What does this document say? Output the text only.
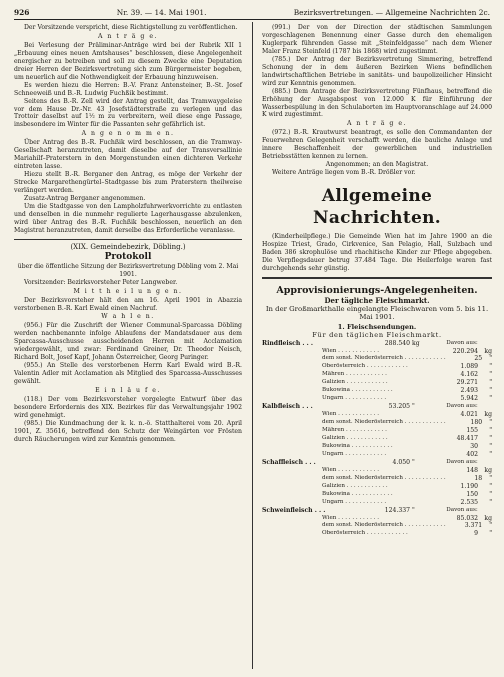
926	Nr. 39. — 14. Mai 1901.	Bezirksvertretungen. — Allgemeine Nachrichten 2c.

Der Vorsitzende verspricht, diese Richtigstellung zu veröffentlichen.

A n t r ä g e.

Bei Verlesung der Präliminar-Anträge wird bei der Rubrik XII 1 „Erbauung eines neuen Amtshauses“ beschlossen, diese Angelegenheit energischer zu betreiben und soll zu diesem Zwecke eine Deputation dreier Herren der Bezirksvertretung sich zum Bürgermeister begeben, um neuerlich auf die Nothwendigkeit der Erbauung hinzuweisen.

Es werden hiezu die Herren: B.-V. Franz Antensteiner, B.-St. Josef Schneeweiß und B.-R. Ludwig Fuchßik bestimmt.

Seitens des B.-R. Zell wird der Antrag gestellt, das Tramwaygeleise vor dem Hause Dr.-Nr. 43 Josefstädterstraße zu verlegen und das Trottoir daselbst auf 1½ m zu verbreitern, weil diese enge Passage, insbesondere im Winter für die Passanten sehr gefährlich ist.

A n g e n o m m e n.

Über Antrag des B.-R. Fuchßik wird beschlossen, an die Tramway-Gesellschaft heranzutreten, damit dieselbe auf der Transversallinie Mariahilf–Praterstern in den Morgenstunden einen dichteren Verkehr eintreten lasse.

Hiezu stellt B.-R. Berganer den Antrag, es möge der Verkehr der Strecke Margarethengürtel–Stadtgasse bis zum Praterstern theilweise verlängert werden.

Zusatz-Antrag Berganer angenommen.

Um die Stadtgasse von den Lampholzfuhrwerkvorrichte zu entlasten und denselben in die nunmehr regulierte Lagerhausgasse abzulenken, wird über Antrag des B.-R. Fuchßik beschlossen, neuerlich an den Magistrat heranzutreten, damit derselbe das Erforderliche veranlasse.

(XIX. Gemeindebezirk, Döbling.)
Protokoll

über die öffentliche Sitzung der Bezirksvertretung Döbling vom 2. Mai 1901.

Vorsitzender: Bezirksvorsteher Peter Langweber.

M i t t h e i l u n g e n.

Der Bezirksvorsteher hält den am 16. April 1901 in Abazzia verstorbenen B.-R. Karl Ewald einen Nachruf.

W a h l e n.

(956.) Für die Zuschrift der Wiener Communal-Sparcassa Döbling werden nachbenannte infolge Ablaufens der Mandatsdauer aus dem Sparcassa-Ausschusse ausscheidenden Herren mit Acclamation wiedergewählt, und zwar: Ferdinand Greiner, Dr. Theodor Neisch, Richard Bolt, Josef Kapf, Johann Österreicher, Georg Puringer.

(955.) An Stelle des verstorbenen Herrn Karl Ewald wird B.-R. Valentin Adler mit Acclamation als Mitglied des Sparcassa-Ausschusses gewählt.

E i n l ä u f e.

(118.) Der vom Bezirksvorsteher vorgelegte Entwurf über das besondere Erfordernis des XIX. Bezirkes für das Verwaltungsjahr 1902 wird genehmigt.

(985.) Die Kundmachung der k. k. n.-ö. Statthalterei vom 20. April 1901, Z. 35616, betreffend den Schutz der Weingärten vor Frösten durch Räucherungen wird zur Kenntnis genommen.

(991.) Der von der Direction der städtischen Sammlungen vorgeschlagenen Benennung einer Gasse durch den ehemaligen Kuglerpark führenden Gasse mit „Steinfeldgasse“ nach dem Wiener Maler Franz Steinfeld (1787 bis 1868) wird zugestimmt.

(785.) Der Antrag der Bezirksvertretung Simmering, betreffend Schonung der in dem äußeren Bezirken Wiens befindlichen landwirtschaftlichen Betriebe in sanitäts- und baupolizeilicher Hinsicht wird zur Kenntnis genommen.

(885.) Dem Antrage der Bezirksvertretung Fünfhaus, betreffend die Erhöhung der Ausgabspost von 12.000 K für Einführung der Wasserbespülung in den Schulaborten im Hauptvoranschlage auf 24.000 K wird zugestimmt.

A n t r ä g e.

(972.) B.-R. Krautwurst beantragt, es solle den Commandanten der Feuerwehren Gelegenheit verschafft werden, die bauliche Anlage und innere Beschaffenheit der gewerblichen und industriellen Betriebsstätten kennen zu lernen.

Angenommen; an den Magistrat.

Weitere Anträge liegen vom B.-R. Drößler vor.

Allgemeine Nachrichten.

(Kinderheilpflege.) Die Gemeinde Wien hat im Jahre 1900 an die Hospize Triest, Grado, Cirkvenice, San Pelagio, Hall, Sulzbach und Baden 386 skrophulöse und rhachitische Kinder zur Pflege abgegeben. Die Verpflegsdauer betrug 37.484 Tage. Die Heilerfolge waren fast durchgehends sehr günstig.

Approvisionierungs-Angelegenheiten.
Der tägliche Fleischmarkt.

In der Großmarkthalle eingelangte Fleischwaren vom 5. bis 11. Mai 1901.

1. Fleischsendungen.
Für den täglichen Fleischmarkt.
Rindfleisch . . .	288.540 kg	Davon aus:
Wien . . . . . . . . . . . .	220.294	kg
dem sonst. Niederösterreich . . . . . . . . . . . .	25	"
Oberösterreich . . . . . . . . . . . .	1.089	"
Mähren . . . . . . . . . . . .	4.162	"
Galizien . . . . . . . . . . . .	29.271	"
Bukowina . . . . . . . . . . . .	2.493	"
Ungarn . . . . . . . . . . . .	5.942	"
Kalbfleisch . . .	53.205 "	Davon aus:
Wien . . . . . . . . . . . .	4.021	kg
dem sonst. Niederösterreich . . . . . . . . . . . .	180	"
Mähren . . . . . . . . . . . .	155	"
Galizien . . . . . . . . . . . .	48.417	"
Bukowina . . . . . . . . . . . .	30	"
Ungarn . . . . . . . . . . . .	402	"
Schaffleisch . . .	4.050 "	Davon aus:
Wien . . . . . . . . . . . .	148	kg
dem sonst. Niederösterreich . . . . . . . . . . . .	18	"
Galizien . . . . . . . . . . . .	1.190	"
Bukowina . . . . . . . . . . . .	150	"
Ungarn . . . . . . . . . . . .	2.535	"
Schweinfleisch . . .	124.337 "	Davon aus:
Wien . . . . . . . . . . . .	85.032	kg
dem sonst. Niederösterreich . . . . . . . . . . . .	3.371	"
Oberösterreich . . . . . . . . . . . .	9	"
